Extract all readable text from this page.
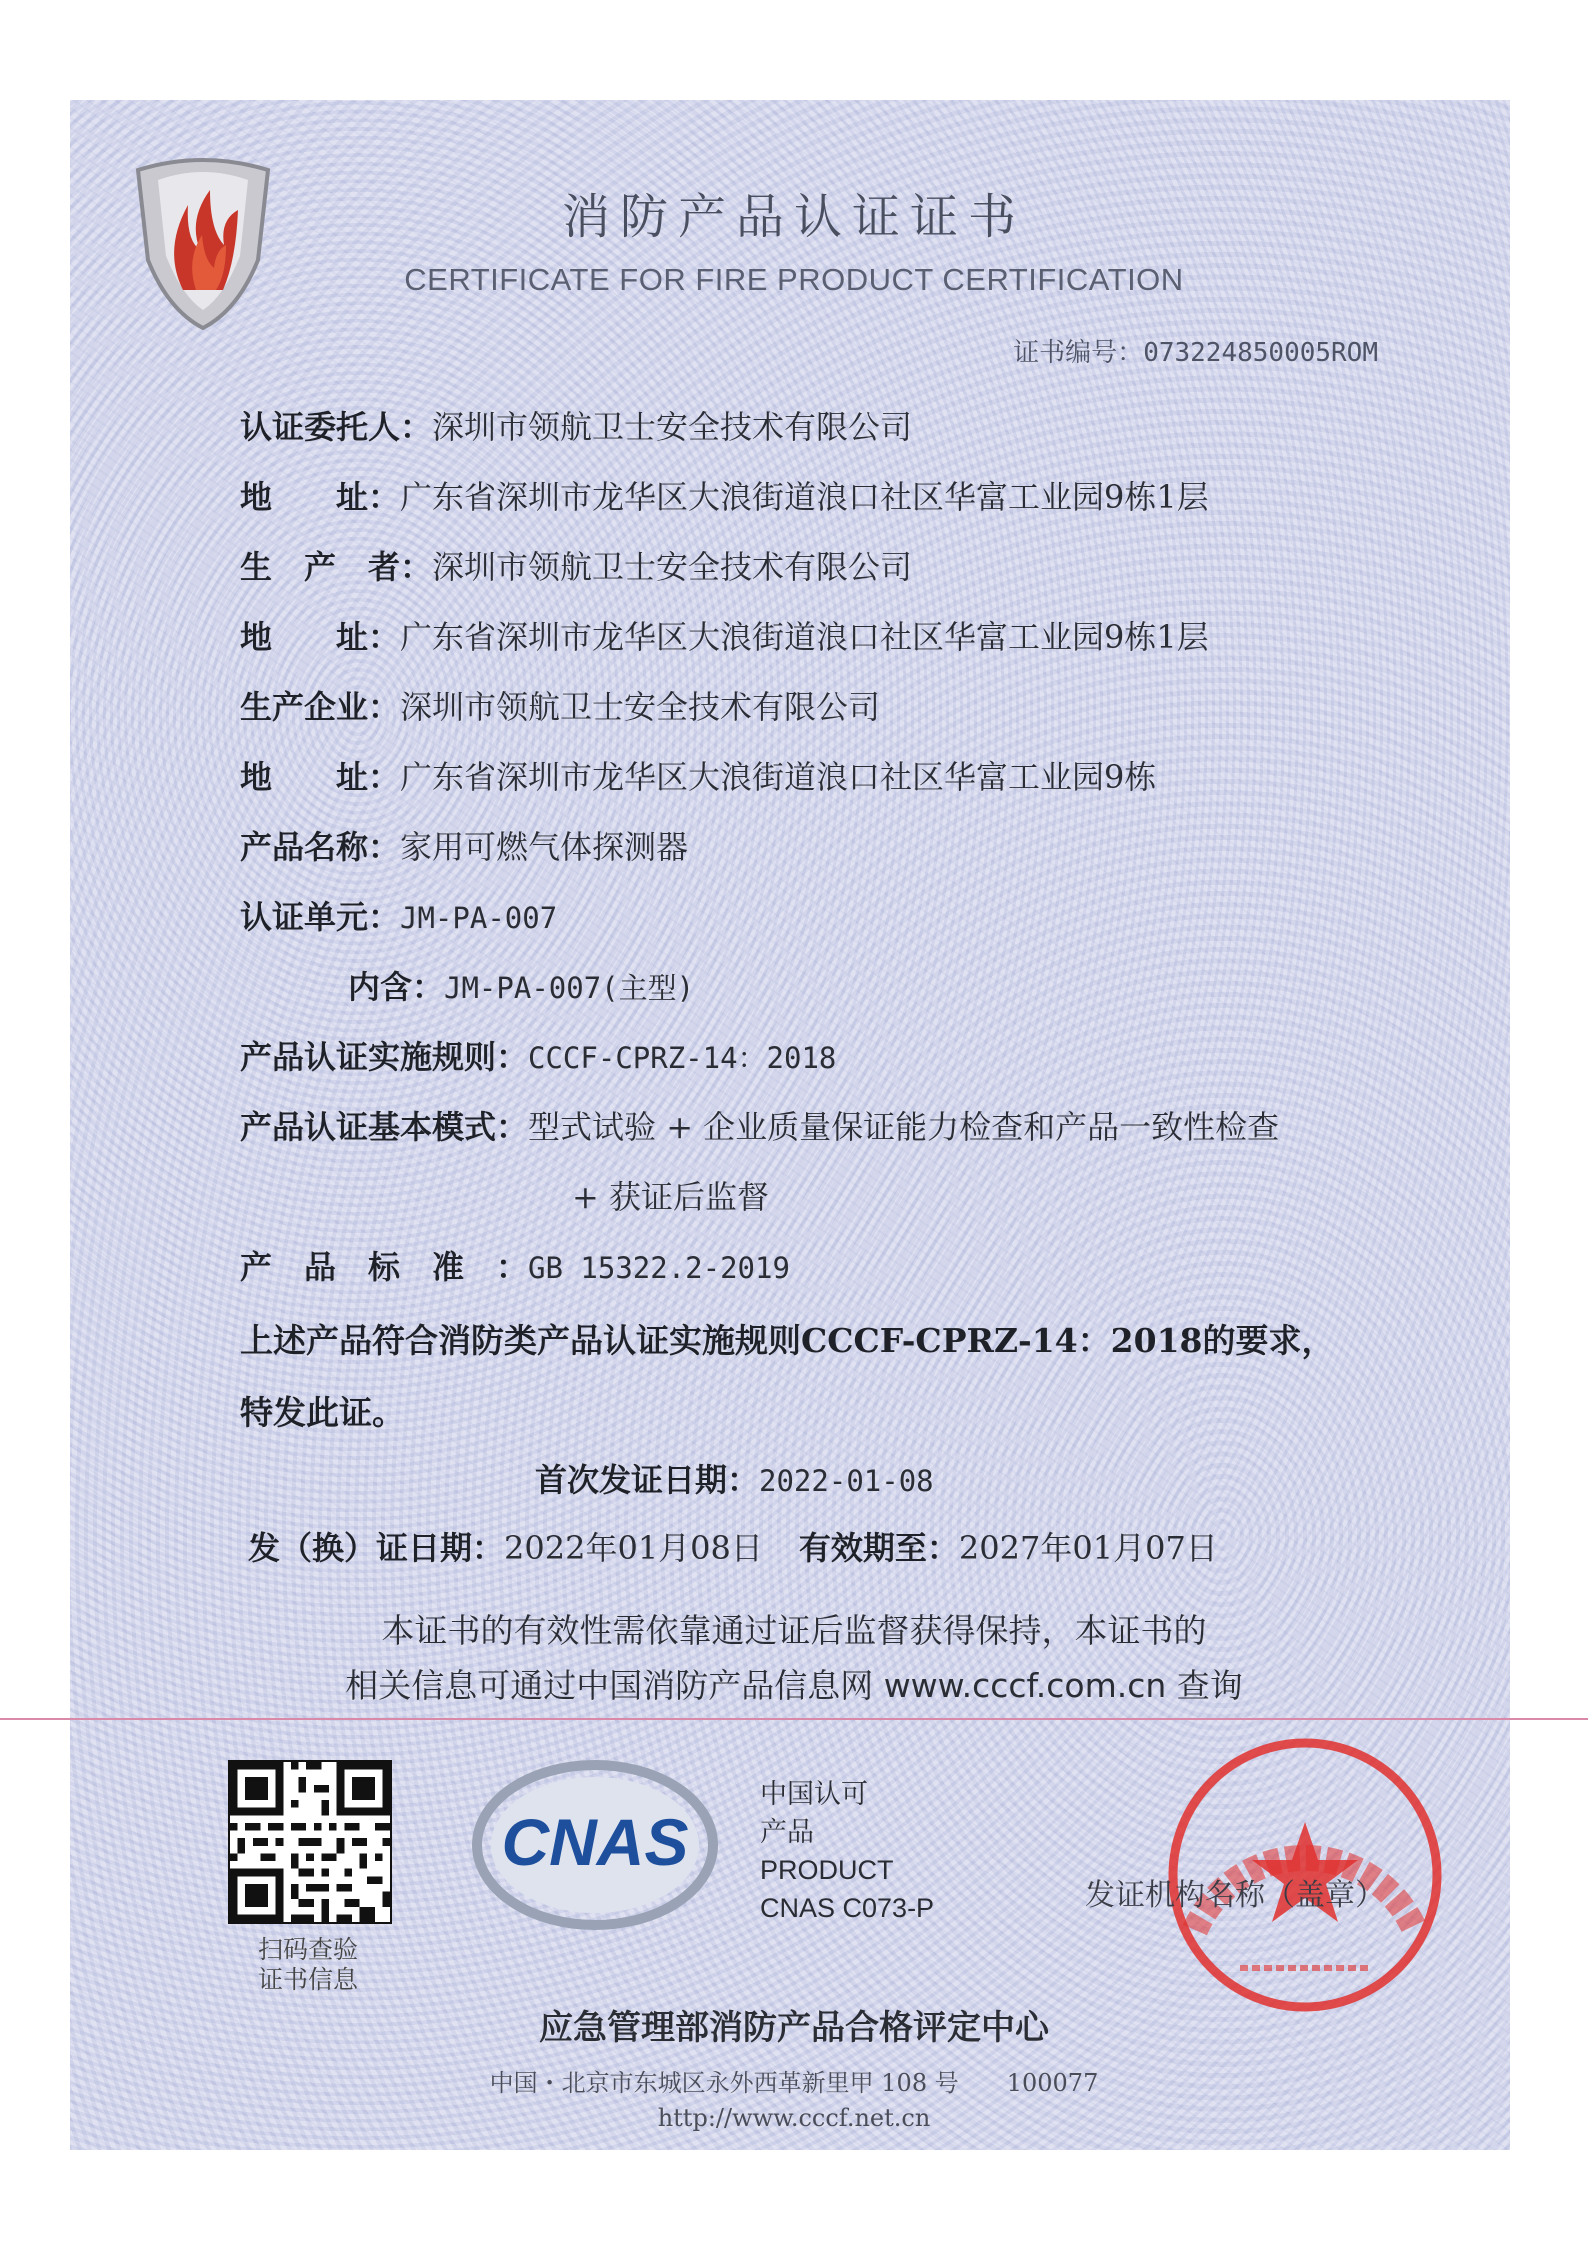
消防产品认证证书
CERTIFICATE FOR FIRE PRODUCT CERTIFICATION
证书编号：073224850005ROM
认证委托人：深圳市领航卫士安全技术有限公司
地　　址：广东省深圳市龙华区大浪街道浪口社区华富工业园9栋1层
生　产　者：深圳市领航卫士安全技术有限公司
地　　址：广东省深圳市龙华区大浪街道浪口社区华富工业园9栋1层
生产企业：深圳市领航卫士安全技术有限公司
地　　址：广东省深圳市龙华区大浪街道浪口社区华富工业园9栋
产品名称：家用可燃气体探测器
认证单元：JM-PA-007
内含：JM-PA-007(主型)
产品认证实施规则：CCCF-CPRZ-14：2018
产品认证基本模式：型式试验 + 企业质量保证能力检查和产品一致性检查
+ 获证后监督
产　品　标　准　：GB 15322.2-2019
上述产品符合消防类产品认证实施规则CCCF-CPRZ-14：2018的要求，特发此证。
首次发证日期：2022-01-08
发（换）证日期：2022年01月08日 有效期至：2027年01月07日
本证书的有效性需依靠通过证后监督获得保持，本证书的
相关信息可通过中国消防产品信息网 www.cccf.com.cn 查询
扫码查验
证书信息
CNAS
中国认可
产品
PRODUCT
CNAS C073-P	发证机构名称（盖章）
应急管理部消防产品合格评定中心
中国・北京市东城区永外西革新里甲 108 号　　100077
http://www.cccf.net.cn
